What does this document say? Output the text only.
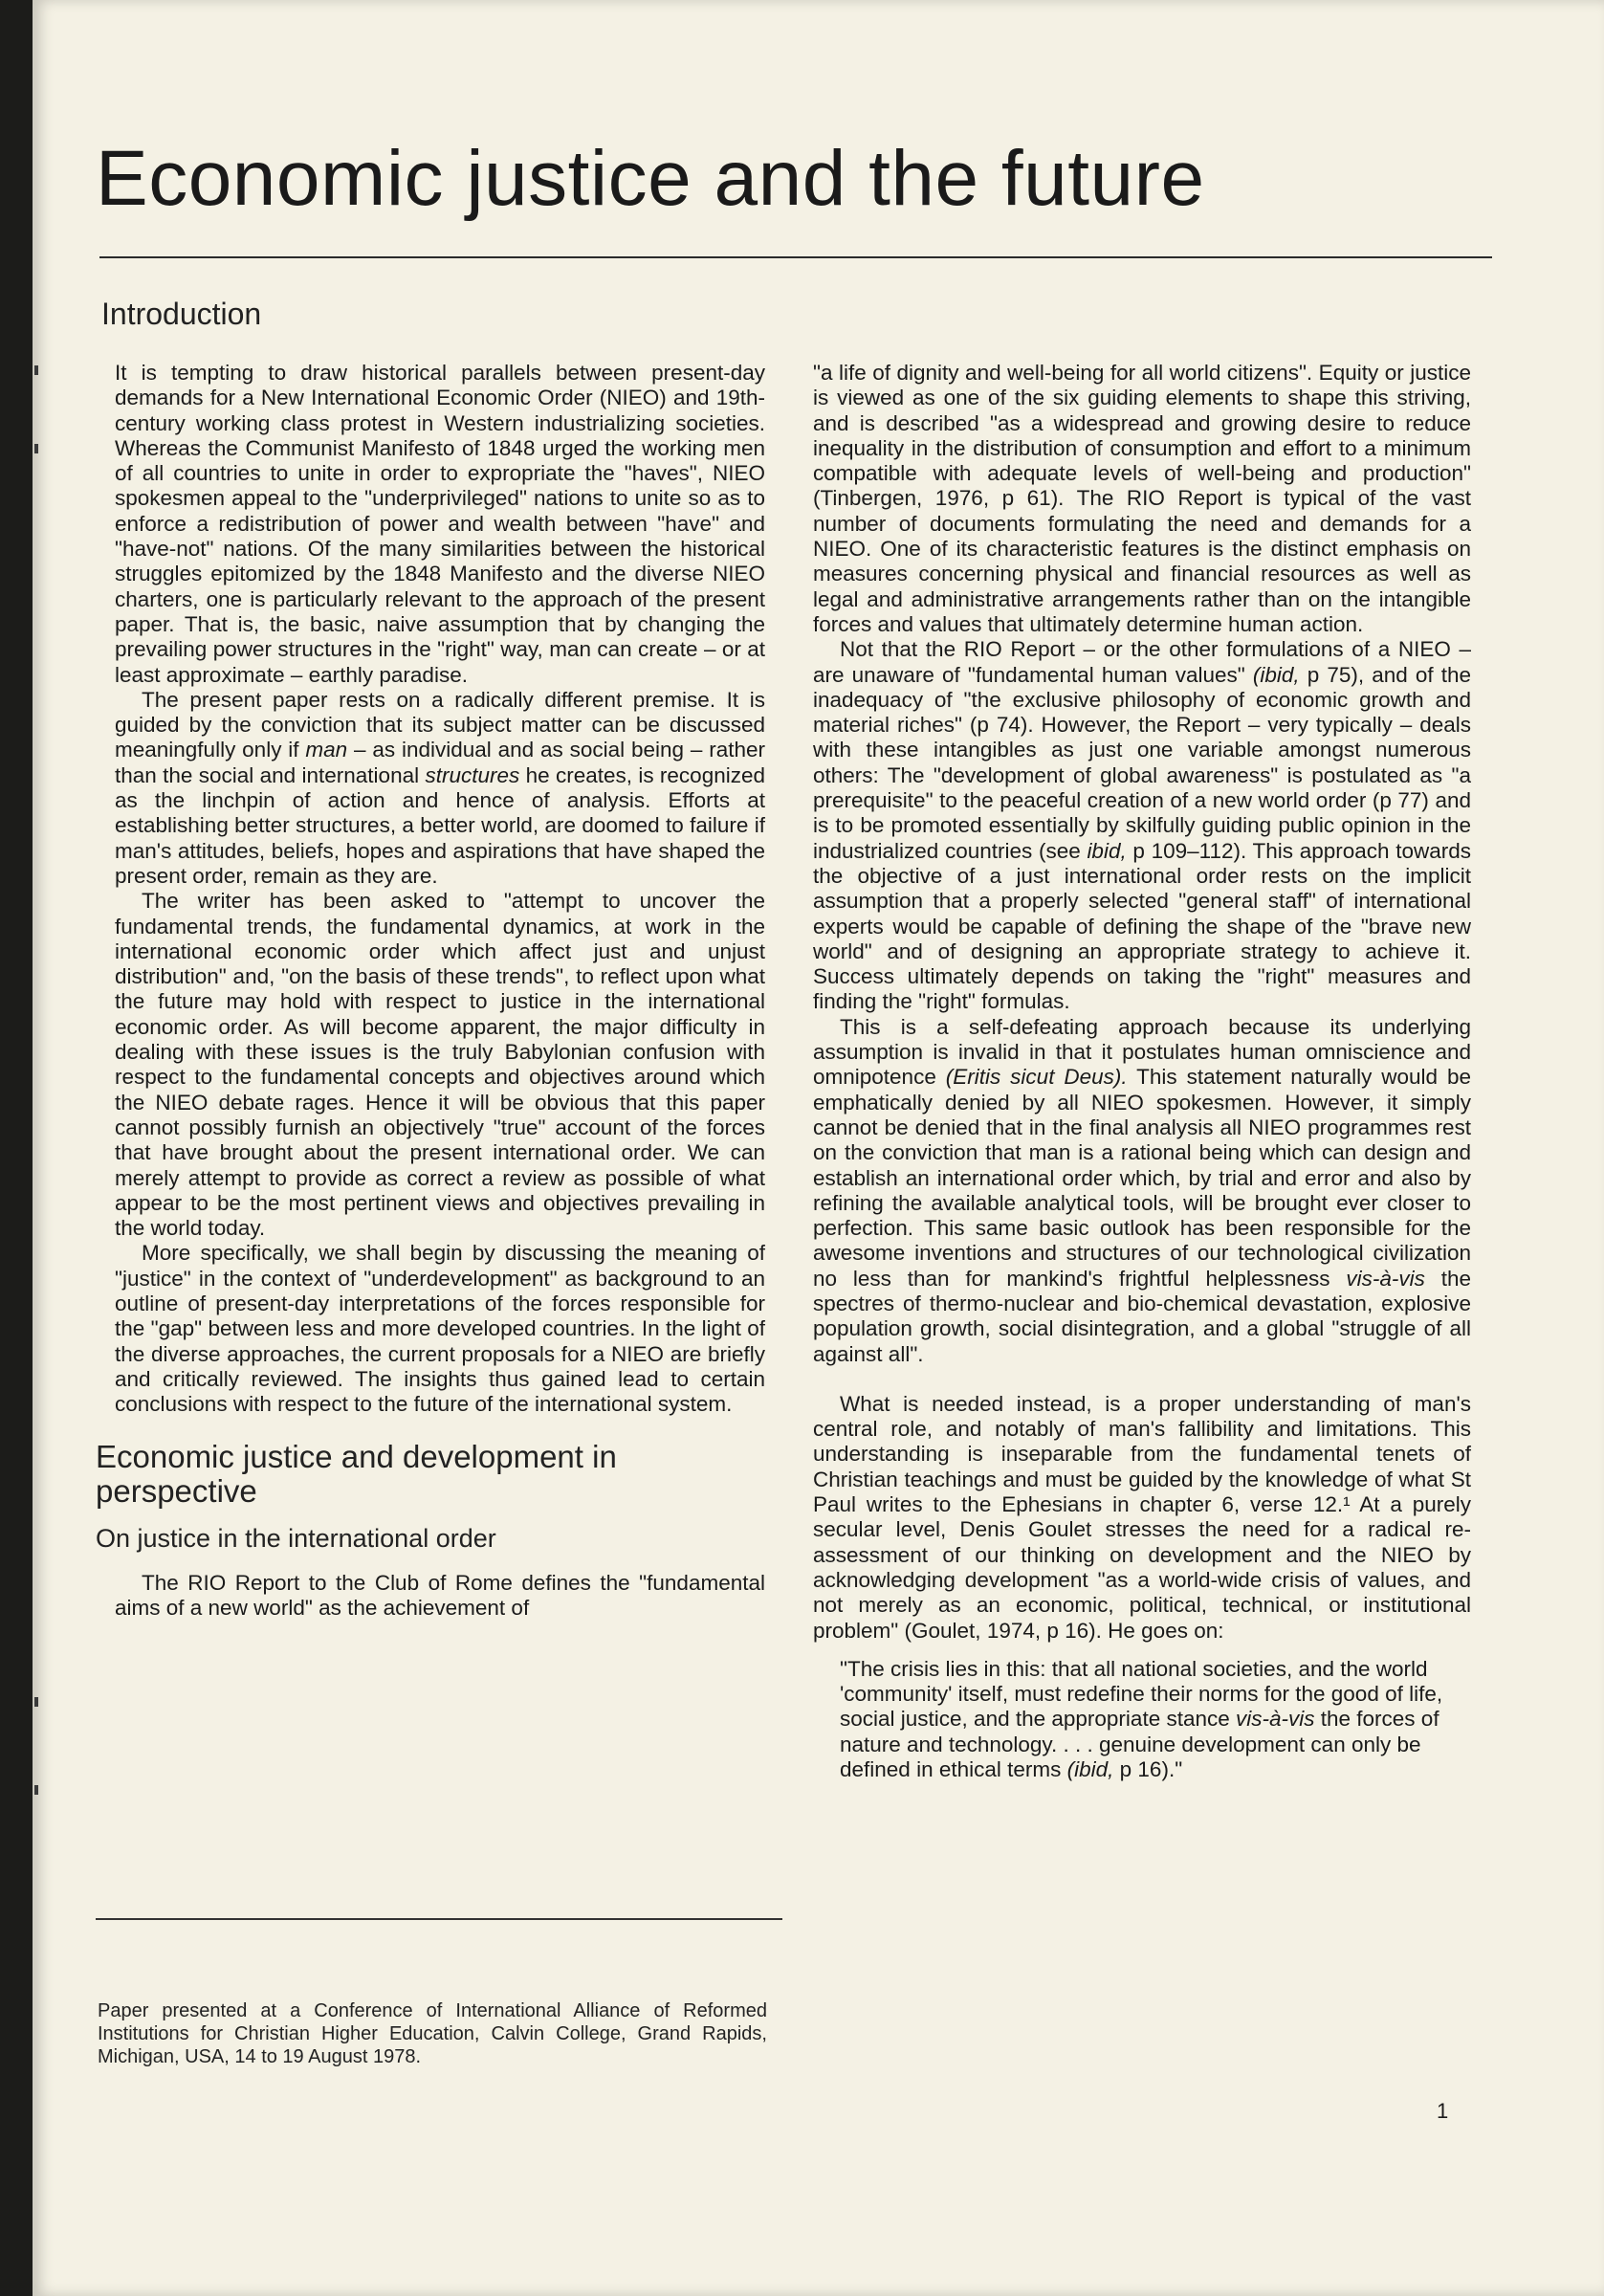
Economic justice and the future
Introduction

It is tempting to draw historical parallels between present-day demands for a New International Economic Order (NIEO) and 19th-century working class protest in Western industrializing societies. Whereas the Communist Manifesto of 1848 urged the working men of all countries to unite in order to expropriate the "haves", NIEO spokesmen appeal to the "underprivileged" nations to unite so as to enforce a redistribution of power and wealth between "have" and "have-not" nations. Of the many similarities between the historical struggles epitomized by the 1848 Manifesto and the diverse NIEO charters, one is particularly relevant to the approach of the present paper. That is, the basic, naive assumption that by changing the prevailing power structures in the "right" way, man can create – or at least approximate – earthly paradise.

The present paper rests on a radically different premise. It is guided by the conviction that its subject matter can be discussed meaningfully only if man – as individual and as social being – rather than the social and international structures he creates, is recognized as the linchpin of action and hence of analysis. Efforts at establishing better structures, a better world, are doomed to failure if man's attitudes, beliefs, hopes and aspirations that have shaped the present order, remain as they are.

The writer has been asked to "attempt to uncover the fundamental trends, the fundamental dynamics, at work in the international economic order which affect just and unjust distribution" and, "on the basis of these trends", to reflect upon what the future may hold with respect to justice in the international economic order. As will become apparent, the major difficulty in dealing with these issues is the truly Babylonian confusion with respect to the fundamental concepts and objectives around which the NIEO debate rages. Hence it will be obvious that this paper cannot possibly furnish an objectively "true" account of the forces that have brought about the present international order. We can merely attempt to provide as correct a review as possible of what appear to be the most pertinent views and objectives prevailing in the world today.

More specifically, we shall begin by discussing the meaning of "justice" in the context of "underdevelopment" as background to an outline of present-day interpretations of the forces responsible for the "gap" between less and more developed countries. In the light of the diverse approaches, the current proposals for a NIEO are briefly and critically reviewed. The insights thus gained lead to certain conclusions with respect to the future of the international system.

Economic justice and development in perspective
On justice in the international order

The RIO Report to the Club of Rome defines the "fundamental aims of a new world" as the achievement of

"a life of dignity and well-being for all world citizens". Equity or justice is viewed as one of the six guiding elements to shape this striving, and is described "as a widespread and growing desire to reduce inequality in the distribution of consumption and effort to a minimum compatible with adequate levels of well-being and production" (Tinbergen, 1976, p 61). The RIO Report is typical of the vast number of documents formulating the need and demands for a NIEO. One of its characteristic features is the distinct emphasis on measures concerning physical and financial resources as well as legal and administrative arrangements rather than on the intangible forces and values that ultimately determine human action.

Not that the RIO Report – or the other formulations of a NIEO – are unaware of "fundamental human values" (ibid, p 75), and of the inadequacy of "the exclusive philosophy of economic growth and material riches" (p 74). However, the Report – very typically – deals with these intangibles as just one variable amongst numerous others: The "development of global awareness" is postulated as "a prerequisite" to the peaceful creation of a new world order (p 77) and is to be promoted essentially by skilfully guiding public opinion in the industrialized countries (see ibid, p 109–112). This approach towards the objective of a just international order rests on the implicit assumption that a properly selected "general staff" of international experts would be capable of defining the shape of the "brave new world" and of designing an appropriate strategy to achieve it. Success ultimately depends on taking the "right" measures and finding the "right" formulas.

This is a self-defeating approach because its underlying assumption is invalid in that it postulates human omniscience and omnipotence (Eritis sicut Deus). This statement naturally would be emphatically denied by all NIEO spokesmen. However, it simply cannot be denied that in the final analysis all NIEO programmes rest on the conviction that man is a rational being which can design and establish an international order which, by trial and error and also by refining the available analytical tools, will be brought ever closer to perfection. This same basic outlook has been responsible for the awesome inventions and structures of our technological civilization no less than for mankind's frightful helplessness vis-à-vis the spectres of thermo-nuclear and bio-chemical devastation, explosive population growth, social disintegration, and a global "struggle of all against all".

What is needed instead, is a proper understanding of man's central role, and notably of man's fallibility and limitations. This understanding is inseparable from the fundamental tenets of Christian teachings and must be guided by the knowledge of what St Paul writes to the Ephesians in chapter 6, verse 12.¹ At a purely secular level, Denis Goulet stresses the need for a radical re-assessment of our thinking on development and the NIEO by acknowledging development "as a world-wide crisis of values, and not merely as an economic, political, technical, or institutional problem" (Goulet, 1974, p 16). He goes on:

"The crisis lies in this: that all national societies, and the world 'community' itself, must redefine their norms for the good of life, social justice, and the appropriate stance vis-à-vis the forces of nature and technology. . . . genuine development can only be defined in ethical terms (ibid, p 16)."

Paper presented at a Conference of International Alliance of Reformed Institutions for Christian Higher Education, Calvin College, Grand Rapids, Michigan, USA, 14 to 19 August 1978.

1
